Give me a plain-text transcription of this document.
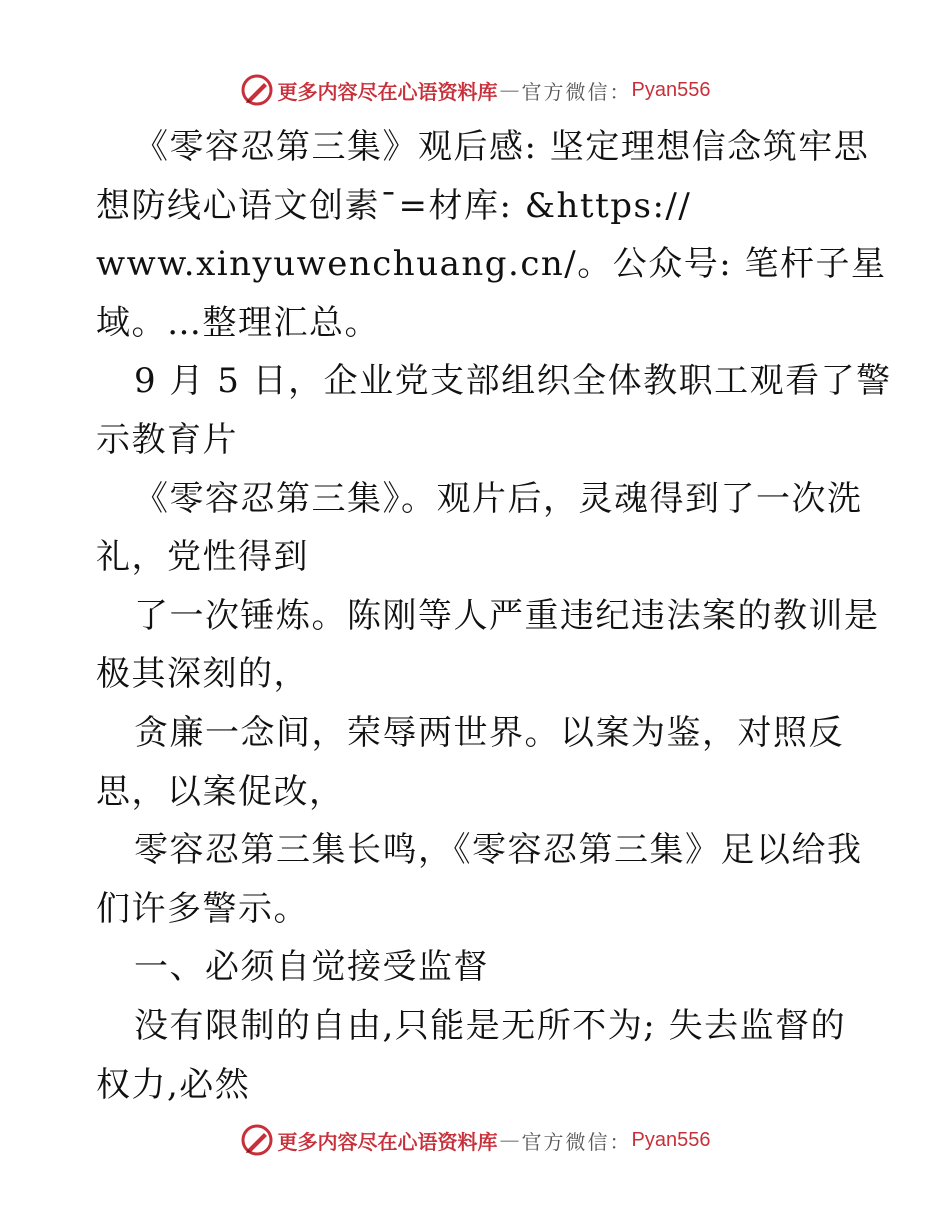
更多内容尽在心语资料库 — 官方微信： Pyan556
《零容忍第三集》观后感: 坚定理想信念筑牢思
想防线心语文创素¯=材库: &https://
www.xinyuwenchuang.cn/。公众号: 笔杆子星
域。…整理汇总。
9 月 5 日，企业党支部组织全体教职工观看了警
示教育片
《零容忍第三集》。观片后，灵魂得到了一次洗
礼，党性得到
了一次锤炼。陈刚等人严重违纪违法案的教训是
极其深刻的，
贪廉一念间，荣辱两世界。以案为鉴，对照反
思，以案促改，
零容忍第三集长鸣，《零容忍第三集》足以给我
们许多警示。
一、必须自觉接受监督
没有限制的自由,只能是无所不为; 失去监督的
权力,必然
更多内容尽在心语资料库 — 官方微信： Pyan556
